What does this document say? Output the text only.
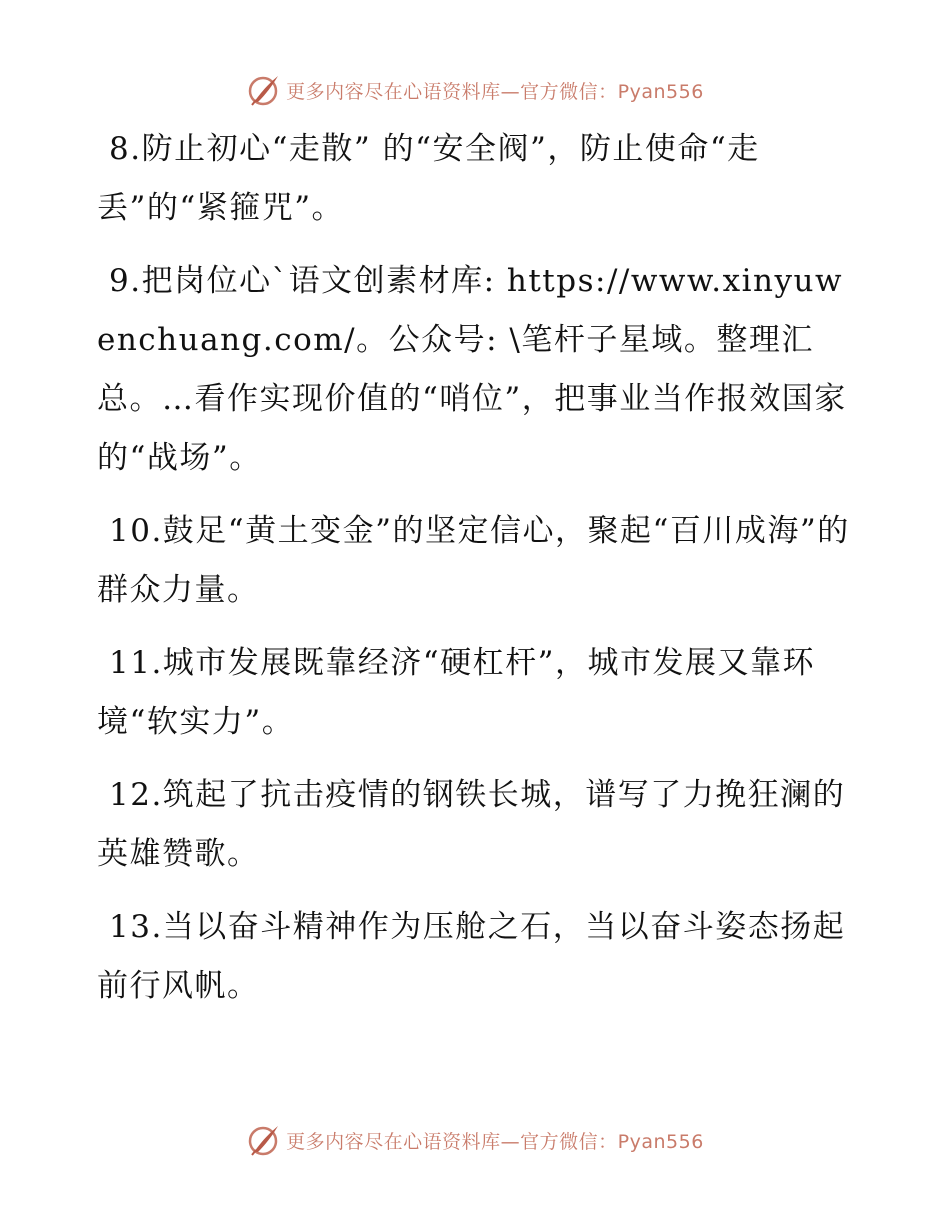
更多内容尽在心语资料库—官方微信：Pyan556

8.防止初心“走散” 的“安全阀”，防止使命“走丢”的“紧箍咒”。

9.把岗位心`语文创素材库: https://www.xinyuwenchuang.com/。公众号: \笔杆子星域。整理汇总。…看作实现价值的“哨位”，把事业当作报效国家的“战场”。

10.鼓足“黄土变金”的坚定信心，聚起“百川成海”的群众力量。

11.城市发展既靠经济“硬杠杆”，城市发展又靠环境“软实力”。

12.筑起了抗击疫情的钢铁长城，谱写了力挽狂澜的英雄赞歌。

13.当以奋斗精神作为压舱之石，当以奋斗姿态扬起前行风帆。

更多内容尽在心语资料库—官方微信：Pyan556
